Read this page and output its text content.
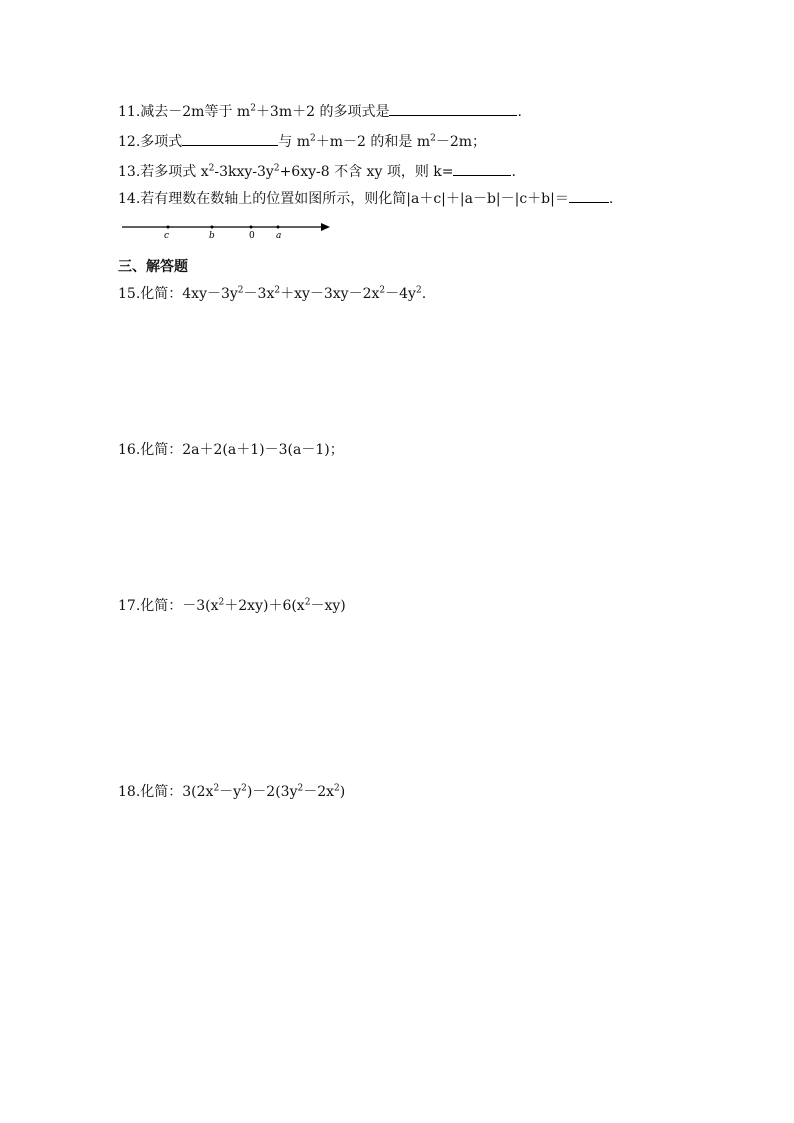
11.减去－2m等于 $m^2+3m+2$ 的多项式是	.
12.多项式	与 $m^2+m-2$ 的和是 $m^2-2m$；
13.若多项式 $x^2-3kxy-3y^2+6xy-8$ 不含 xy 项，则 k=	.
14.若有理数在数轴上的位置如图所示，则化简|a＋c|＋|a－b|－|c＋b|＝	.
c	b	0 a
三、解答题
15.化简：$4xy-3y^2-3x^2+xy-3xy-2x^2-4y^2$.
16.化简：2a＋2(a＋1)－3(a－1)；
17.化简：$-3(x^2+2xy)+6(x^2-xy)$
18.化简：$3(2x^2-y^2)-2(3y^2-2x^2)$
